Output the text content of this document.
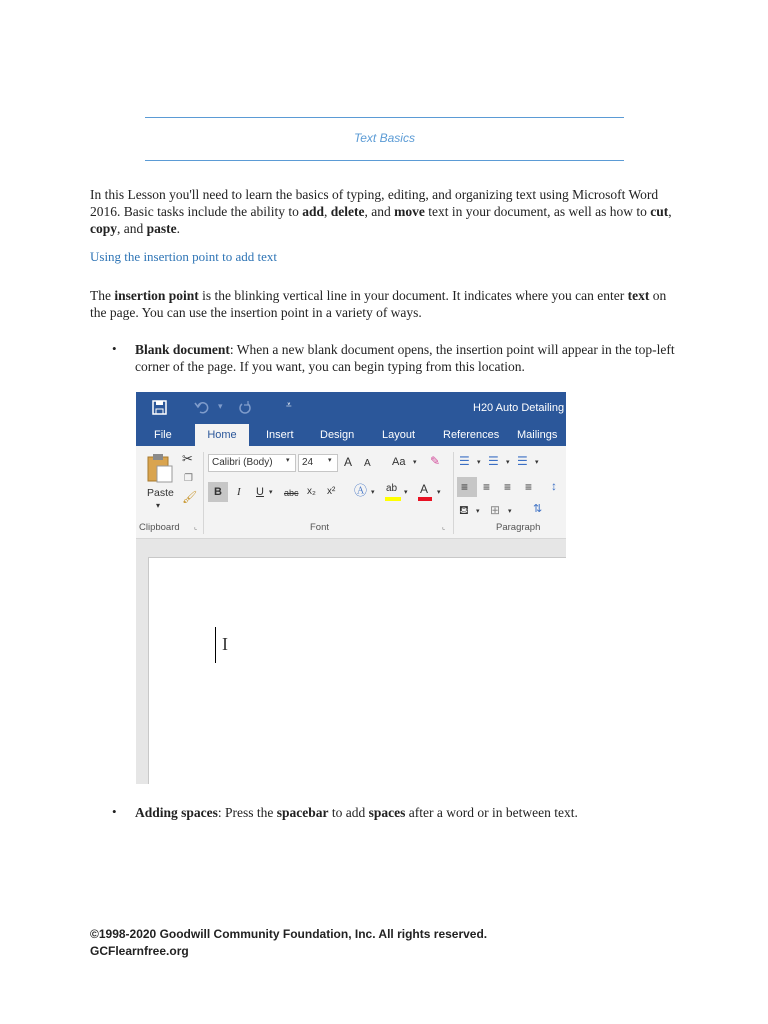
Text Basics
In this Lesson you'll need to learn the basics of typing, editing, and organizing text using Microsoft Word 2016. Basic tasks include the ability to add, delete, and move text in your document, as well as how to cut, copy, and paste.
Using the insertion point to add text
The insertion point is the blinking vertical line in your document. It indicates where you can enter text on the page. You can use the insertion point in a variety of ways.
• Blank document: When a new blank document opens, the insertion point will appear in the top-left corner of the page. If you want, you can begin typing from this location.
▾	⩡	H20 Auto Detailing
File	Home	Insert Design	Layout	References Mailings
Paste
▾
✂
❐
🖌
Clipboard ⌞
Calibri (Body)	▾	24	▾ A A Aa ▾ ✎
B I U ▾ abc x₂ x² Ⓐ ▾ ab ▾ A ▾
Font	⌞
☰ ▾ ☰ ▾ ☰ ▾
≡ ≡ ≡ ≡ ↕
⛾ ▾ ⊞ ▾ ⇅
Paragraph
I
• Adding spaces: Press the spacebar to add spaces after a word or in between text.
©1998-2020 Goodwill Community Foundation, Inc. All rights reserved.
GCFlearnfree.org
